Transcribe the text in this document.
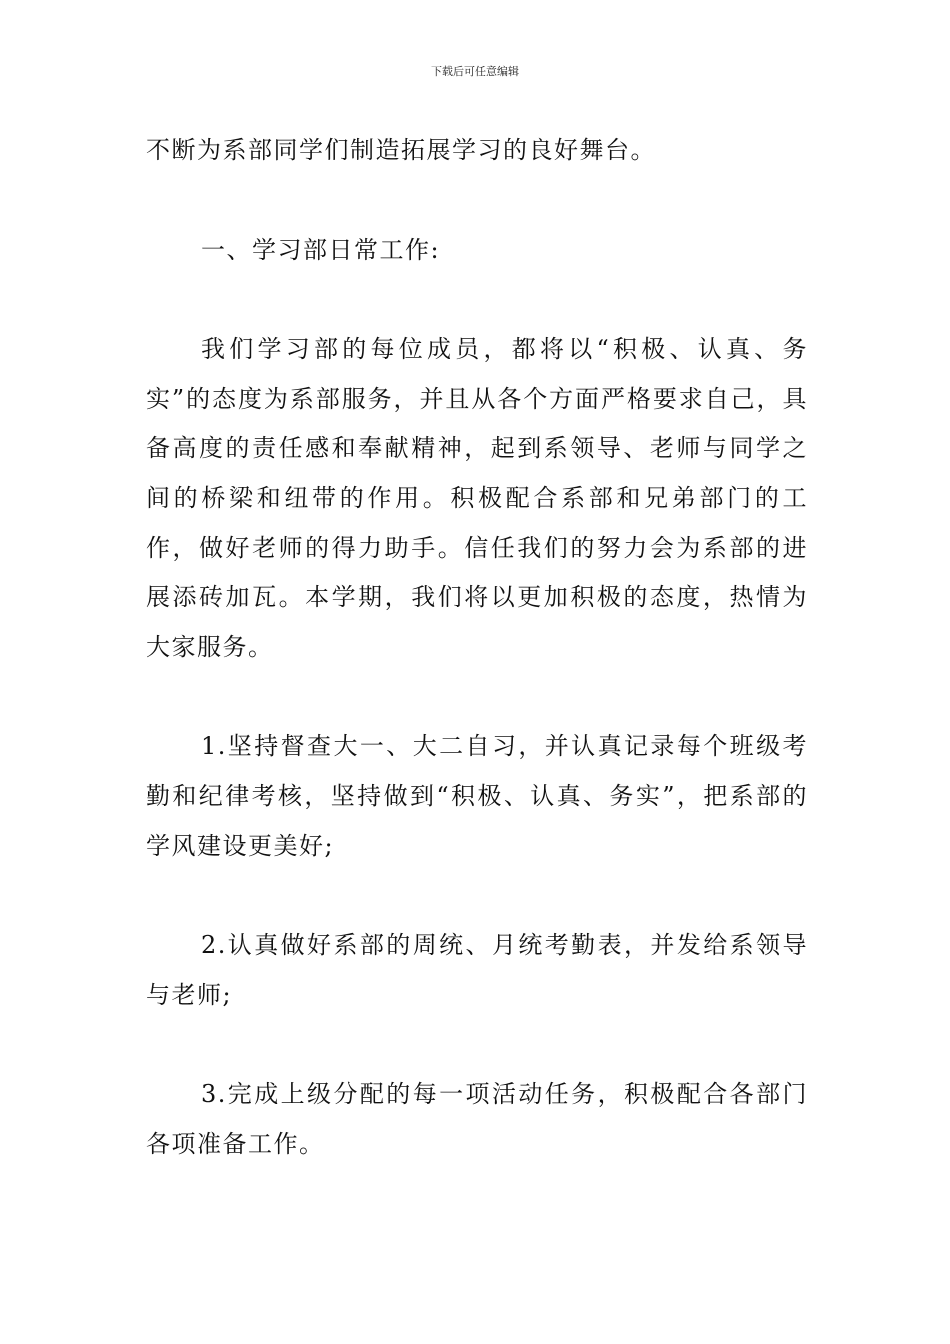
下载后可任意编辑

不断为系部同学们制造拓展学习的良好舞台。

一、学习部日常工作:

我们学习部的每位成员，都将以“积极、认真、务实”的态度为系部服务，并且从各个方面严格要求自己，具备高度的责任感和奉献精神，起到系领导、老师与同学之间的桥梁和纽带的作用。积极配合系部和兄弟部门的工作，做好老师的得力助手。信任我们的努力会为系部的进展添砖加瓦。本学期，我们将以更加积极的态度，热情为大家服务。

1.坚持督查大一、大二自习，并认真记录每个班级考勤和纪律考核，坚持做到“积极、认真、务实”，把系部的学风建设更美好;

2.认真做好系部的周统、月统考勤表，并发给系领导与老师;

3.完成上级分配的每一项活动任务，积极配合各部门各项准备工作。
